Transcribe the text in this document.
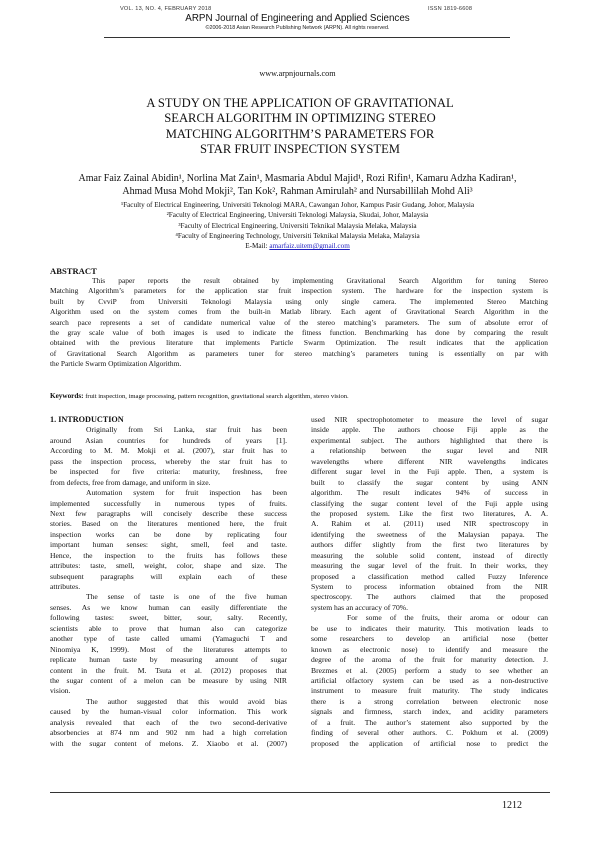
VOL. 13, NO. 4, FEBRUARY 2018	ISSN 1819-6608
ARPN Journal of Engineering and Applied Sciences
©2006-2018 Asian Research Publishing Network (ARPN). All rights reserved.
www.arpnjournals.com
A STUDY ON THE APPLICATION OF GRAVITATIONAL
SEARCH ALGORITHM IN OPTIMIZING STEREO
MATCHING ALGORITHM’S PARAMETERS FOR
STAR FRUIT INSPECTION SYSTEM
Amar Faiz Zainal Abidin¹, Norlina Mat Zain¹, Masmaria Abdul Majid¹, Rozi Rifin¹, Kamaru Adzha Kadiran¹,
Ahmad Musa Mohd Mokji², Tan Kok², Rahman Amirulah² and Nursabillilah Mohd Ali³
¹Faculty of Electrical Engineering, Universiti Teknologi MARA, Cawangan Johor, Kampus Pasir Gudang, Johor, Malaysia
²Faculty of Electrical Engineering, Universiti Teknologi Malaysia, Skudai, Johor, Malaysia
³Faculty of Electrical Engineering, Universiti Teknikal Malaysia Melaka, Malaysia
⁴Faculty of Engineering Technology, Universiti Teknikal Malaysia Melaka, Malaysia
E-Mail: amarfaiz.uitem@gmail.com
ABSTRACT
This paper reports the result obtained by implementing Gravitational Search Algorithm for tuning Stereo
Matching Algorithm’s parameters for the application star fruit inspection system. The hardware for the inspection system is
built by CvviP from Universiti Teknologi Malaysia using only single camera. The implemented Stereo Matching
Algorithm used on the system comes from the built-in Matlab library. Each agent of Gravitational Search Algorithm in the
search pace represents a set of candidate numerical value of the stereo matching’s parameters. The sum of absolute error of
the gray scale value of both images is used to indicate the fitness function. Benchmarking has done by comparing the result
obtained with the previous literature that implements Particle Swarm Optimization. The result indicates that the application
of Gravitational Search Algorithm as parameters tuner for stereo matching’s parameters tuning is essentially on par with
the Particle Swarm Optimization Algorithm.
Keywords: fruit inspection, image processing, pattern recognition, gravitational search algorithm, stereo vision.
1. INTRODUCTION
Originally from Sri Lanka, star fruit has been
around Asian countries for hundreds of years [1].
According to M. M. Mokji et al. (2007), star fruit has to
pass the inspection process, whereby the star fruit has to
be inspected for five criteria: maturity, freshness, free
from defects, free from damage, and uniform in size.
Automation system for fruit inspection has been
implemented successfully in numerous types of fruits.
Next few paragraphs will concisely describe these success
stories. Based on the literatures mentioned here, the fruit
inspection works can be done by replicating four
important human senses: sight, smell, feel and taste.
Hence, the inspection to the fruits has follows these
attributes: taste, smell, weight, color, shape and size. The
subsequent paragraphs will explain each of these
attributes.
The sense of taste is one of the five human
senses. As we know human can easily differentiate the
following tastes: sweet, bitter, sour, salty. Recently,
scientists able to prove that human also can categorize
another type of taste called umami (Yamaguchi T and
Ninomiya K, 1999). Most of the literatures attempts to
replicate human taste by measuring amount of sugar
content in the fruit. M. Tsuta et al. (2012) proposes that
the sugar content of a melon can be measure by using NIR
vision.
The author suggested that this would avoid bias
caused by the human-visual color information. This work
analysis revealed that each of the two second-derivative
absorbencies at 874 nm and 902 nm had a high correlation
with the sugar content of melons. Z. Xiaobo et al. (2007)
used NIR spectrophotometer to measure the level of sugar
inside apple. The authors choose Fiji apple as the
experimental subject. The authors highlighted that there is
a relationship between the sugar level and NIR
wavelengths where different NIR wavelengths indicates
different sugar level in the Fuji apple. Then, a system is
built to classify the sugar content by using ANN
algorithm. The result indicates 94% of success in
classifying the sugar content level of the Fuji apple using
the proposed system. Like the first two literatures, A. A.
A. Rahim et al. (2011) used NIR spectroscopy in
identifying the sweetness of the Malaysian papaya. The
authors differ slightly from the first two literatures by
measuring the soluble solid content, instead of directly
measuring the sugar level of the fruit. In their works, they
proposed a classification method called Fuzzy Inference
System to process information obtained from the NIR
spectroscopy. The authors claimed that the proposed
system has an accuracy of 70%.
For some of the fruits, their aroma or odour can
be use to indicates their maturity. This motivation leads to
some researchers to develop an artificial nose (better
known as electronic nose) to identify and measure the
degree of the aroma of the fruit for maturity detection. J.
Brezmes et al. (2005) perform a study to see whether an
artificial olfactory system can be used as a non-destructive
instrument to measure fruit maturity. The study indicates
there is a strong correlation between electronic nose
signals and firmness, starch index, and acidity parameters
of a fruit. The author’s statement also supported by the
finding of several other authors. C. Pokhum et al. (2009)
proposed the application of artificial nose to predict the
1212
